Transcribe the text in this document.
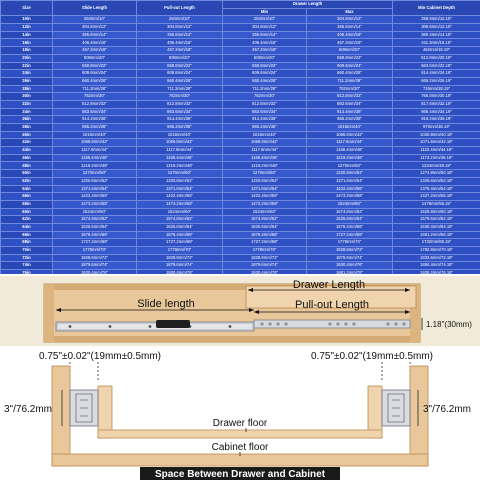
Size	Slide Length	Pull-out Length	Drawer Length		Min Cabinet Depth
			Min	Max	
10in	254mm/10"	254mm/10"	254mm/10"	304.8mm/12"	258.8mm/10.19"
12in	304.8mm/12"	304.8mm/12"	304.8mm/12"	355.6mm/14"	309.6mm/12.19"
14in	355.6mm/14"	355.6mm/14"	355.6mm/14"	406.4mm/16"	360.4mm/14.19"
16in	406.4mm/16"	406.4mm/16"	406.4mm/16"	457.2mm/18"	411.2mm/16.19"
18in	457.2mm/18"	457.2mm/18"	457.2mm/18"	508mm/20"	462mm/18.19"
20in	508mm/20"	508mm/20"	508mm/20"	558.8mm/22"	512.8mm/20.19"
22in	558.8mm/22"	558.8mm/22"	558.8mm/22"	609.6mm/24"	563.6mm/22.19"
24in	609.6mm/24"	609.6mm/24"	609.6mm/24"	660.4mm/26"	614.4mm/24.19"
26in	660.4mm/26"	660.4mm/26"	660.4mm/26"	711.2mm/28"	665.2mm/26.19"
28in	711.2mm/28"	711.2mm/28"	711.2mm/28"	762mm/30"	716mm/28.19"
30in	762mm/30"	762mm/30"	762mm/30"	812.8mm/32"	766.8mm/30.19"
32in	812.8mm/32"	812.8mm/32"	812.8mm/32"	863.6mm/34"	817.6mm/32.19"
34in	863.6mm/34"	863.6mm/34"	863.6mm/34"	914.4mm/36"	868.4mm/34.19"
36in	914.4mm/36"	914.4mm/36"	914.4mm/36"	965.2mm/38"	919.2mm/36.19"
38in	965.2mm/38"	965.2mm/38"	965.2mm/38"	1016mm/40"	970mm/38.19"
40in	1016mm/40"	1016mm/40"	1016mm/40"	1066.8mm/42"	1020.8mm/40.19"
42in	1066.8mm/42"	1066.8mm/42"	1066.8mm/42"	1117.6mm/44"	1071.6mm/42.19"
44in	1117.6mm/44"	1117.6mm/44"	1117.6mm/44"	1168.4mm/46"	1122.4mm/44.19"
46in	1168.4mm/46"	1168.4mm/46"	1168.4mm/46"	1219.2mm/48"	1173.2mm/46.19"
48in	1219.2mm/48"	1219.2mm/48"	1219.2mm/48"	1270mm/50"	1224mm/48.19"
50in	1270mm/50"	1270mm/50"	1270mm/50"	1320.8mm/52"	1274.8mm/50.19"
52in	1320.8mm/52"	1320.8mm/52"	1320.8mm/52"	1371.6mm/54"	1325.6mm/52.19"
54in	1371.6mm/54"	1371.6mm/54"	1371.6mm/54"	1422.4mm/56"	1376.4mm/54.19"
56in	1422.4mm/56"	1422.4mm/56"	1422.4mm/56"	1473.2mm/58"	1427.2mm/56.19"
58in	1473.2mm/58"	1473.2mm/58"	1473.2mm/58"	1524mm/60"	1478mm/58.19"
60in	1524mm/60"	1524mm/60"	1524mm/60"	1574.8mm/62"	1528.8mm/60.19"
62in	1574.8mm/62"	1574.8mm/62"	1574.8mm/62"	1625.6mm/64"	1579.6mm/62.19"
64in	1625.6mm/64"	1625.6mm/64"	1625.6mm/64"	1676.4mm/66"	1630.4mm/64.19"
66in	1676.4mm/66"	1676.4mm/66"	1676.4mm/66"	1727.2mm/68"	1681.2mm/66.19"
68in	1727.2mm/68"	1727.2mm/68"	1727.2mm/68"	1778mm/70"	1732mm/68.19"
70in	1778mm/70"	1778mm/70"	1778mm/70"	1828.8mm/72"	1782.8mm/70.19"
72in	1828.8mm/72"	1828.8mm/72"	1828.8mm/72"	1879.6mm/74"	1833.6mm/72.19"
74in	1879.6mm/74"	1879.6mm/74"	1879.6mm/74"	1930.4mm/76"	1884.4mm/74.19"
76in	1930.4mm/76"	1930.4mm/76"	1930.4mm/76"	1981.2mm/78"	1935.2mm/76.19"

Drawer Length
Slide length	Pull-out Length
1.18"(30mm)
0.75"±0.02"(19mm±0.5mm)	0.75"±0.02"(19mm±0.5mm)
3"/76.2mm	3"/76.2mm
Drawer floor
Cabinet floor
Space Between Drawer and Cabinet
